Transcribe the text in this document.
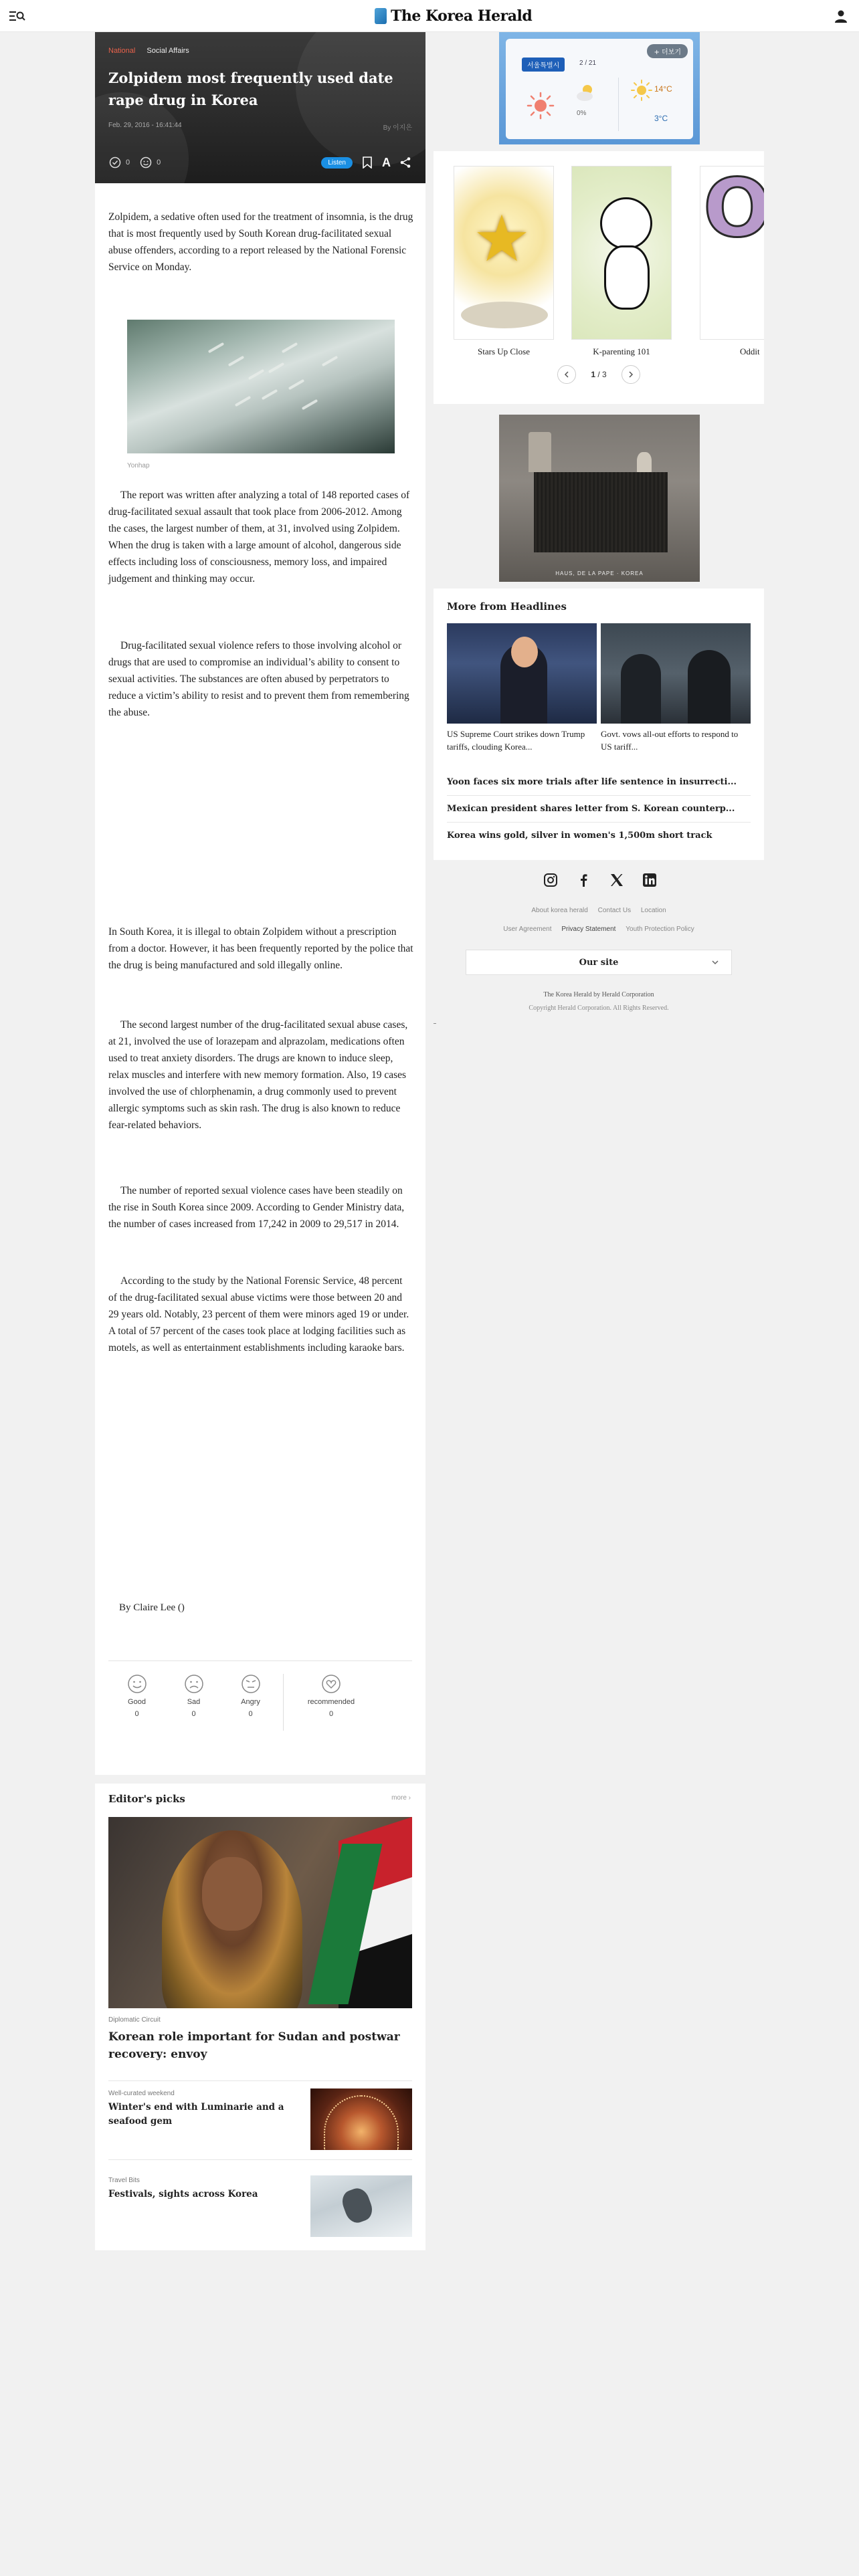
The Korea Herald
National Social Affairs
Zolpidem most frequently used date rape drug in Korea
Feb. 29, 2016 - 16:41:44	By 이지은
0	0	Listen	A

Zolpidem, a sedative often used for the treatment of insomnia, is the drug that is most frequently used by South Korean drug-facilitated sexual abuse offenders, according to a report released by the National Forensic Service on Monday.

Yonhap

The report was written after analyzing a total of 148 reported cases of drug-facilitated sexual assault that took place from 2006-2012. Among the cases, the largest number of them, at 31, involved using Zolpidem. When the drug is taken with a large amount of alcohol, dangerous side effects including loss of consciousness, memory loss, and impaired judgement and thinking may occur.

Drug-facilitated sexual violence refers to those involving alcohol or drugs that are used to compromise an individual’s ability to consent to sexual activities. The substances are often abused by perpetrators to reduce a victim’s ability to resist and to prevent them from remembering the abuse.

In South Korea, it is illegal to obtain Zolpidem without a prescription from a doctor. However, it has been frequently reported by the police that the drug is being manufactured and sold illegally online.

The second largest number of the drug-facilitated sexual abuse cases, at 21, involved the use of lorazepam and alprazolam, medications often used to treat anxiety disorders. The drugs are known to induce sleep, relax muscles and interfere with new memory formation. Also, 19 cases involved the use of chlorphenamin, a drug commonly used to prevent allergic symptoms such as skin rash. The drug is also known to reduce fear-related behaviors.

The number of reported sexual violence cases have been steadily on the rise in South Korea since 2009. According to Gender Ministry data, the number of cases increased from 17,242 in 2009 to 29,517 in 2014.

According to the study by the National Forensic Service, 48 percent of the drug-facilitated sexual abuse victims were those between 20 and 29 years old. Notably, 23 percent of them were minors aged 19 or under. A total of 57 percent of the cases took place at lodging facilities such as motels, as well as entertainment establishments including karaoke bars.

By Claire Lee ()
Good
0
Sad
0
Angry
0
recommended
0
Editor's picks	more ›
Diplomatic Circuit
Korean role important for Sudan and postwar recovery: envoy
Well-curated weekend
Winter's end with Luminarie and a seafood gem
Travel Bits
Festivals, sights across Korea
+ 더보기
서울특별시	2 / 21
0%
14°C
3°C
★
Stars Up Close	K-parenting 101
O	Oddit
1 / 3
HAUS, DE LA PAPE · KOREA
More from Headlines
US Supreme Court strikes down Trump tariffs, clouding Korea...
Govt. vows all-out efforts to respond to US tariff...
Yoon faces six more trials after life sentence in insurrecti...
Mexican president shares letter from S. Korean counterp...
Korea wins gold, silver in women's 1,500m short track
About korea herald Contact Us Location
User Agreement Privacy Statement Youth Protection Policy
Our site
The Korea Herald by Herald Corporation
Copyright Herald Corporation. All Rights Reserved.
